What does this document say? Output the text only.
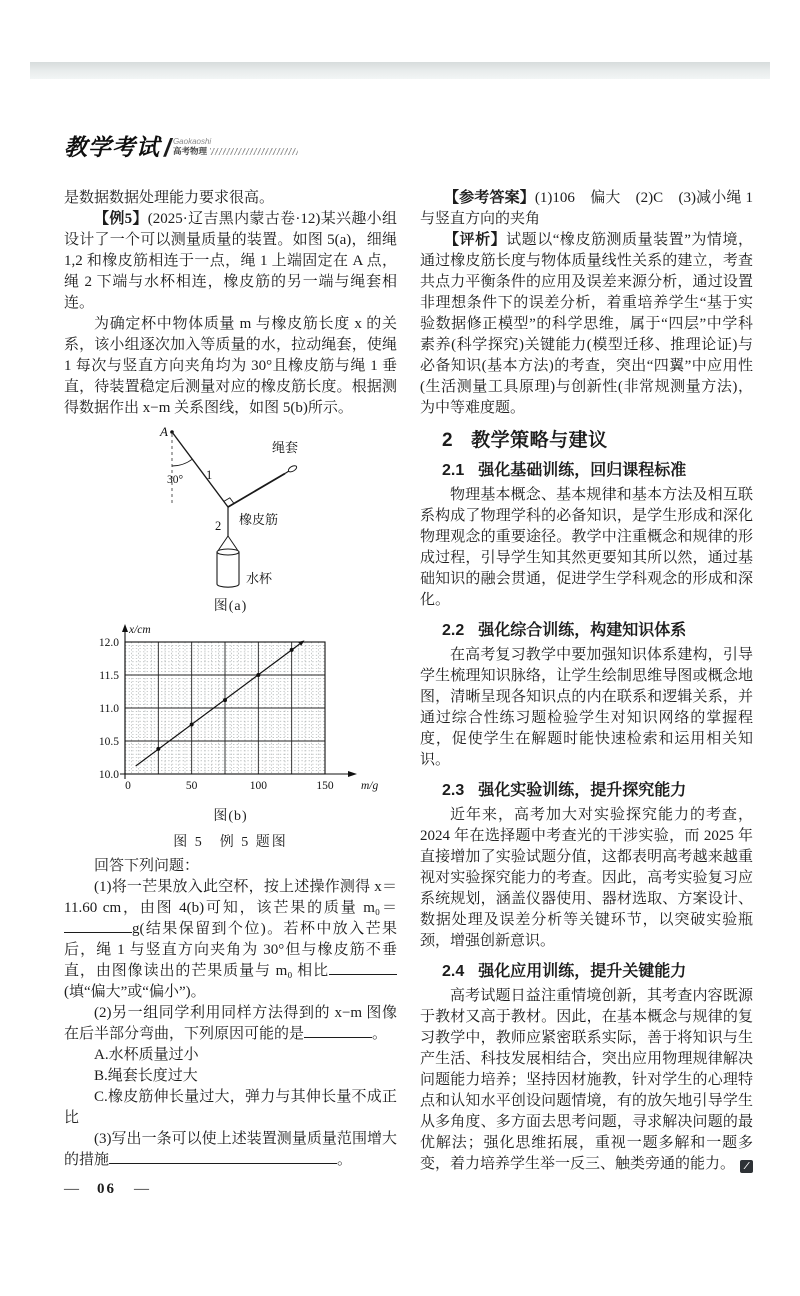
教学考试 / Gaokaoshi
高考物理

是数据数据处理能力要求很高。

【例5】(2025·辽吉黑内蒙古卷·12)某兴趣小组设计了一个可以测量质量的装置。如图 5(a)，细绳 1,2 和橡皮筋相连于一点，绳 1 上端固定在 A 点，绳 2 下端与水杯相连，橡皮筋的另一端与绳套相连。

为确定杯中物体质量 m 与橡皮筋长度 x 的关系，该小组逐次加入等质量的水，拉动绳套，使绳 1 每次与竖直方向夹角均为 30°且橡皮筋与绳 1 垂直，待装置稳定后测量对应的橡皮筋长度。根据测得数据作出 x−m 关系图线，如图 5(b)所示。

A
30° 1
绳套
橡皮筋
2
水杯
图(a)
10.0
10.5
11.0
11.5
12.0
0	50	100	150
x/cm
m/g
图(b)
图 5　例 5 题图

回答下列问题：

(1)将一芒果放入此空杯，按上述操作测得 x＝11.60 cm，由图 4(b)可知，该芒果的质量 m₀＝g(结果保留到个位)。若杯中放入芒果后，绳 1 与竖直方向夹角为 30°但与橡皮筋不垂直，由图像读出的芒果质量与 m₀ 相比(填“偏大”或“偏小”)。

(2)另一组同学利用同样方法得到的 x−m 图像在后半部分弯曲，下列原因可能的是	。

A.水杯质量过小

B.绳套长度过大

C.橡皮筋伸长量过大，弹力与其伸长量不成正比

(3)写出一条可以使上述装置测量质量范围增大的措施	。

— 06 —

【参考答案】(1)106　偏大　(2)C　(3)减小绳 1 与竖直方向的夹角

【评析】试题以“橡皮筋测质量装置”为情境，通过橡皮筋长度与物体质量线性关系的建立，考查共点力平衡条件的应用及误差来源分析，通过设置非理想条件下的误差分析，着重培养学生“基于实验数据修正模型”的科学思维，属于“四层”中学科素养(科学探究)关键能力(模型迁移、推理论证)与必备知识(基本方法)的考查，突出“四翼”中应用性(生活测量工具原理)与创新性(非常规测量方法)，为中等难度题。

2 教学策略与建议
2.1 强化基础训练，回归课程标准

物理基本概念、基本规律和基本方法及相互联系构成了物理学科的必备知识，是学生形成和深化物理观念的重要途径。教学中注重概念和规律的形成过程，引导学生知其然更要知其所以然，通过基础知识的融会贯通，促进学生学科观念的形成和深化。

2.2 强化综合训练，构建知识体系

在高考复习教学中要加强知识体系建构，引导学生梳理知识脉络，让学生绘制思维导图或概念地图，清晰呈现各知识点的内在联系和逻辑关系，并通过综合性练习题检验学生对知识网络的掌握程度，促使学生在解题时能快速检索和运用相关知识。

2.3 强化实验训练，提升探究能力

近年来，高考加大对实验探究能力的考查，2024 年在选择题中考查光的干涉实验，而 2025 年直接增加了实验试题分值，这都表明高考越来越重视对实验探究能力的考查。因此，高考实验复习应系统规划，涵盖仪器使用、器材选取、方案设计、数据处理及误差分析等关键环节，以突破实验瓶颈，增强创新意识。

2.4 强化应用训练，提升关键能力

高考试题日益注重情境创新，其考查内容既源于教材又高于教材。因此，在基本概念与规律的复习教学中，教师应紧密联系实际，善于将知识与生产生活、科技发展相结合，突出应用物理规律解决问题能力培养；坚持因材施教，针对学生的心理特点和认知水平创设问题情境，有的放矢地引导学生从多角度、多方面去思考问题，寻求解决问题的最优解法；强化思维拓展，重视一题多解和一题多变，着力培养学生举一反三、触类旁通的能力。 ∕
